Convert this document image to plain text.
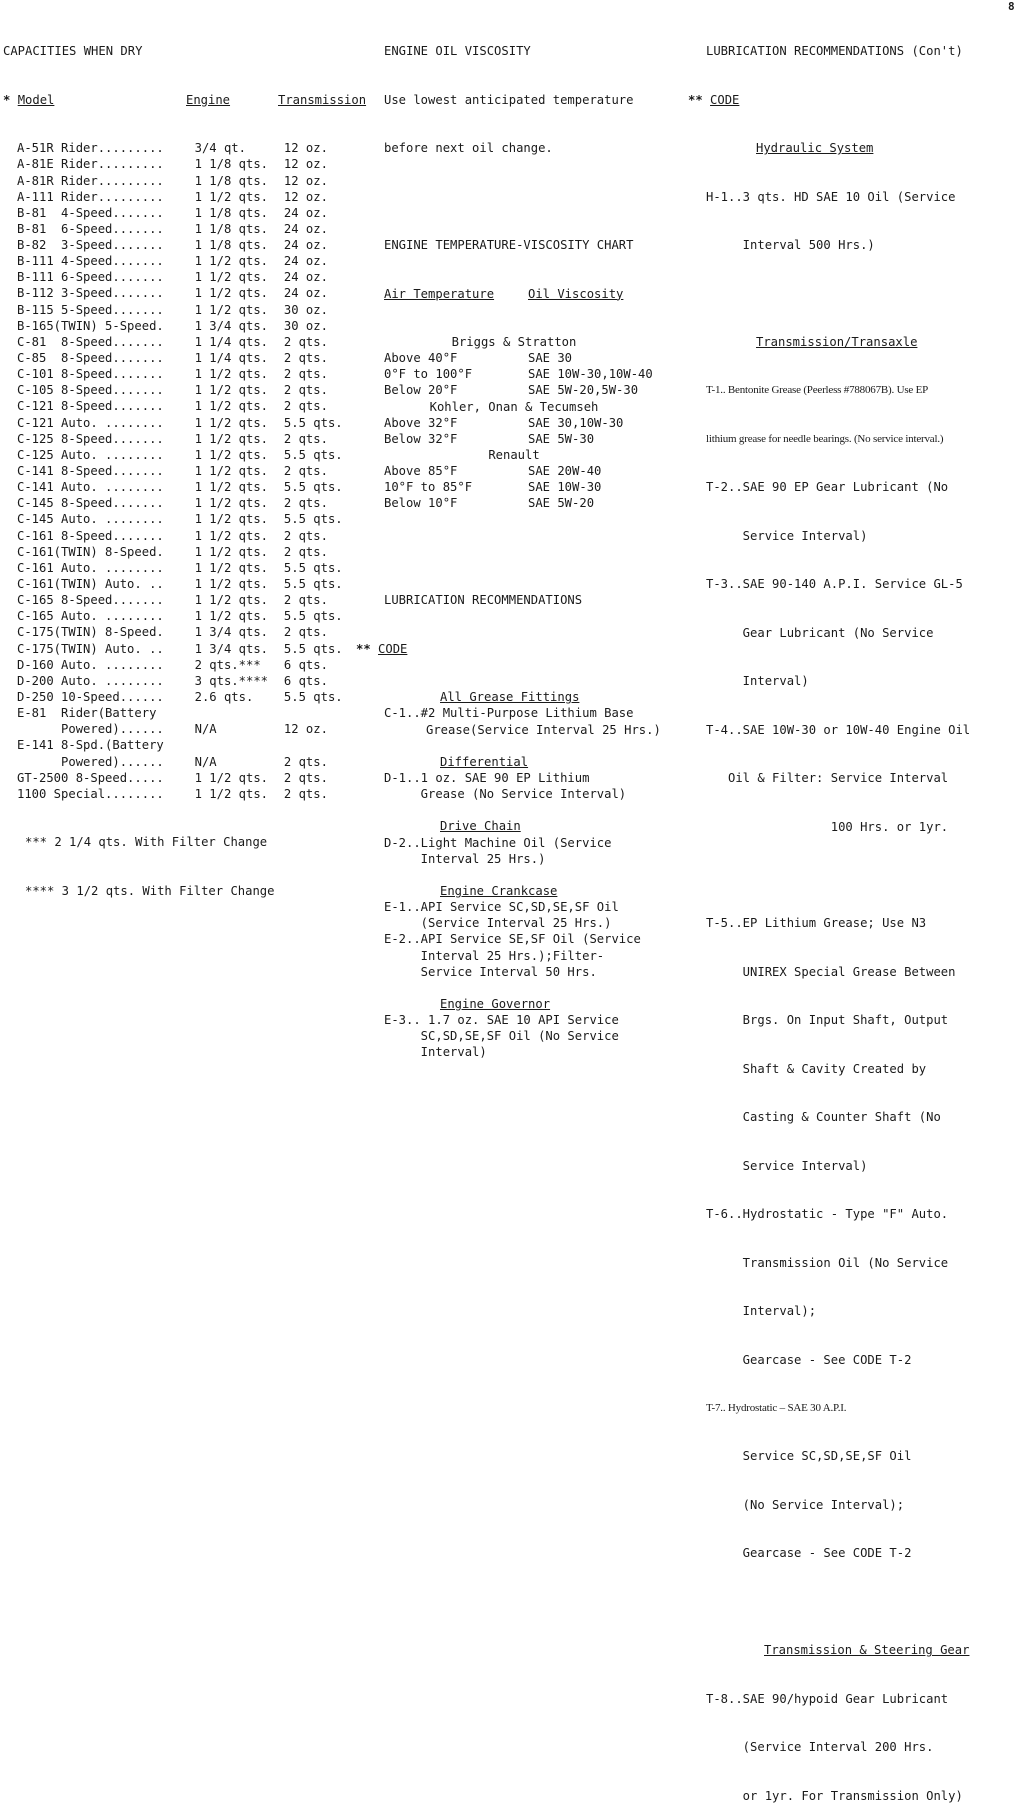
8

CAPACITIES WHEN DRY

* Model	Engine	Transmission

A-51R Rider.........	3/4 qt.	12 oz.
A-81E Rider.........	1 1/8 qts.	12 oz.
A-81R Rider.........	1 1/8 qts.	12 oz.
A-111 Rider.........	1 1/2 qts.	12 oz.
B-81  4-Speed.......	1 1/8 qts.	24 oz.
B-81  6-Speed.......	1 1/8 qts.	24 oz.
B-82  3-Speed.......	1 1/8 qts.	24 oz.
B-111 4-Speed.......	1 1/2 qts.	24 oz.
B-111 6-Speed.......	1 1/2 qts.	24 oz.
B-112 3-Speed.......	1 1/2 qts.	24 oz.
B-115 5-Speed.......	1 1/2 qts.	30 oz.
B-165(TWIN) 5-Speed.	1 3/4 qts.	30 oz.
C-81  8-Speed.......	1 1/4 qts.	2 qts.
C-85  8-Speed.......	1 1/4 qts.	2 qts.
C-101 8-Speed.......	1 1/2 qts.	2 qts.
C-105 8-Speed.......	1 1/2 qts.	2 qts.
C-121 8-Speed.......	1 1/2 qts.	2 qts.
C-121 Auto. ........	1 1/2 qts.	5.5 qts.
C-125 8-Speed.......	1 1/2 qts.	2 qts.
C-125 Auto. ........	1 1/2 qts.	5.5 qts.
C-141 8-Speed.......	1 1/2 qts.	2 qts.
C-141 Auto. ........	1 1/2 qts.	5.5 qts.
C-145 8-Speed.......	1 1/2 qts.	2 qts.
C-145 Auto. ........	1 1/2 qts.	5.5 qts.
C-161 8-Speed.......	1 1/2 qts.	2 qts.
C-161(TWIN) 8-Speed.	1 1/2 qts.	2 qts.
C-161 Auto. ........	1 1/2 qts.	5.5 qts.
C-161(TWIN) Auto. ..	1 1/2 qts.	5.5 qts.
C-165 8-Speed.......	1 1/2 qts.	2 qts.
C-165 Auto. ........	1 1/2 qts.	5.5 qts.
C-175(TWIN) 8-Speed.	1 3/4 qts.	2 qts.
C-175(TWIN) Auto. ..	1 3/4 qts.	5.5 qts.
D-160 Auto. ........	2 qts.***	6 qts.
D-200 Auto. ........	3 qts.****	6 qts.
D-250 10-Speed......	2.6 qts.	5.5 qts.
E-81  Rider(Battery
Powered)......	N/A	12 oz.
E-141 8-Spd.(Battery
Powered)......	N/A	2 qts.
GT-2500 8-Speed.....	1 1/2 qts.	2 qts.
1100 Special........	1 1/2 qts.	2 qts.

*** 2 1/4 qts. With Filter Change

**** 3 1/2 qts. With Filter Change

ENGINE OIL VISCOSITY

Use lowest anticipated temperature

before next oil change.

ENGINE TEMPERATURE-VISCOSITY CHART

Air Temperature	Oil Viscosity

Briggs & Stratton
Above 40°F	SAE 30
0°F to 100°F	SAE 10W-30,10W-40
Below 20°F	SAE 5W-20,5W-30
Kohler, Onan & Tecumseh
Above 32°F	SAE 30,10W-30
Below 32°F	SAE 5W-30
Renault
Above 85°F	SAE 20W-40
10°F to 85°F	SAE 10W-30
Below 10°F	SAE 5W-20

LUBRICATION RECOMMENDATIONS

** CODE

All Grease Fittings
C-1..#2 Multi-Purpose Lithium Base
Grease(Service Interval 25 Hrs.)
Differential
D-1..1 oz. SAE 90 EP Lithium
Grease (No Service Interval)
Drive Chain
D-2..Light Machine Oil (Service
Interval 25 Hrs.)
Engine Crankcase
E-1..API Service SC,SD,SE,SF Oil
(Service Interval 25 Hrs.)
E-2..API Service SE,SF Oil (Service
Interval 25 Hrs.);Filter-
Service Interval 50 Hrs.
Engine Governor
E-3.. 1.7 oz. SAE 10 API Service
SC,SD,SE,SF Oil (No Service
Interval)

LUBRICATION RECOMMENDATIONS (Con't)

** CODE

Hydraulic System

H-1..3 qts. HD SAE 10 Oil (Service

Interval 500 Hrs.)

Transmission/Transaxle

T-1.. Bentonite Grease (Peerless #788067B). Use EP

lithium grease for needle bearings. (No service interval.)

T-2..SAE 90 EP Gear Lubricant (No

Service Interval)

T-3..SAE 90-140 A.P.I. Service GL-5

Gear Lubricant (No Service

Interval)

T-4..SAE 10W-30 or 10W-40 Engine Oil

Oil & Filter: Service Interval

100 Hrs. or 1yr.

T-5..EP Lithium Grease; Use N3

UNIREX Special Grease Between

Brgs. On Input Shaft, Output

Shaft & Cavity Created by

Casting & Counter Shaft (No

Service Interval)

T-6..Hydrostatic - Type "F" Auto.

Transmission Oil (No Service

Interval);

Gearcase - See CODE T-2

T-7.. Hydrostatic – SAE 30 A.P.I.

Service SC,SD,SE,SF Oil

(No Service Interval);

Gearcase - See CODE T-2

Transmission & Steering Gear

T-8..SAE 90/hypoid Gear Lubricant

(Service Interval 200 Hrs.

or 1yr. For Transmission Only)
